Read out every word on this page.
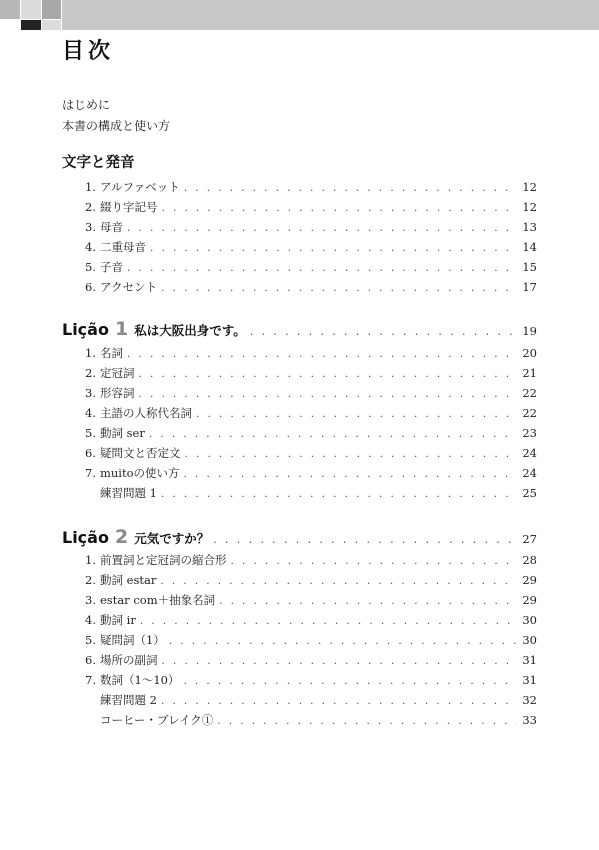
目次
はじめに
本書の構成と使い方
文字と発音
1. アルファベット . . .	12
2. 綴り字記号 . . .	12
3. 母音 . . .	13
4. 二重母音 . . .	14
5. 子音 . . .	15
6. アクセント . . .	17
Lição 1 私は大阪出身です。 . . .	19
1. 名詞 . . .	20
2. 定冠詞 . . .	21
3. 形容詞 . . .	22
4. 主語の人称代名詞 . . .	22
5. 動詞 ser . . .	23
6. 疑問文と否定文 . . .	24
7. muitoの使い方 . . .	24
練習問題 1 . . .	25
Lição 2 元気ですか？ . . .	27
1. 前置詞と定冠詞の縮合形 . . .	28
2. 動詞 estar . . .	29
3. estar com＋抽象名詞 . . .	29
4. 動詞 ir . . .	30
5. 疑問詞（1） . . .	30
6. 場所の副詞 . . .	31
7. 数詞（1～10） . . .	31
練習問題 2 . . .	32
コーヒー・ブレイク① . . .	33
